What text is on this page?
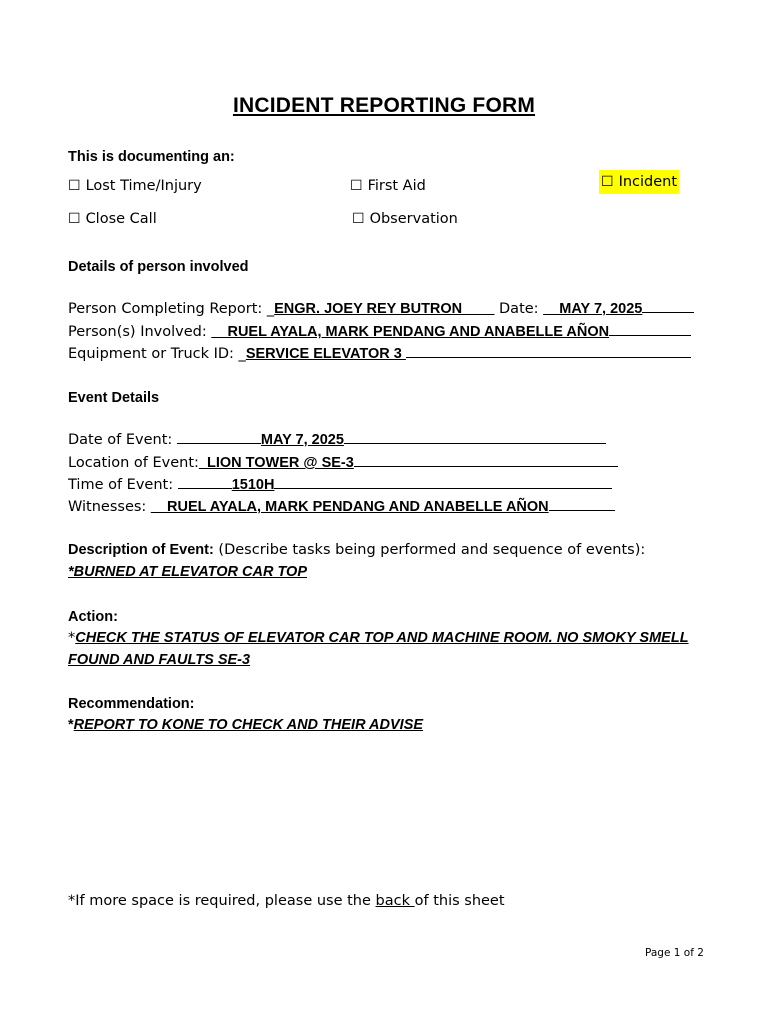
INCIDENT REPORTING FORM
This is documenting an:
☐ Lost Time/Injury	☐ First Aid	☐ Incident
☐ Close Call	☐ Observation
Details of person involved
Person Completing Report: _ENGR. JOEY REY BUTRON____ Date: __MAY 7, 2025
Person(s) Involved: __RUEL AYALA, MARK PENDANG AND ANABELLE AÑON
Equipment or Truck ID: _SERVICE ELEVATOR 3
Event Details
Date of Event:	MAY 7, 2025
Location of Event:_LION TOWER @ SE-3
Time of Event:	1510H
Witnesses: __RUEL AYALA, MARK PENDANG AND ANABELLE AÑON
Description of Event: (Describe tasks being performed and sequence of events):
*BURNED AT ELEVATOR CAR TOP
Action:
*CHECK THE STATUS OF ELEVATOR CAR TOP AND MACHINE ROOM. NO SMOKY SMELL
FOUND AND FAULTS SE-3
Recommendation:
*REPORT TO KONE TO CHECK AND THEIR ADVISE
*If more space is required, please use the back of this sheet
Page 1 of 2
